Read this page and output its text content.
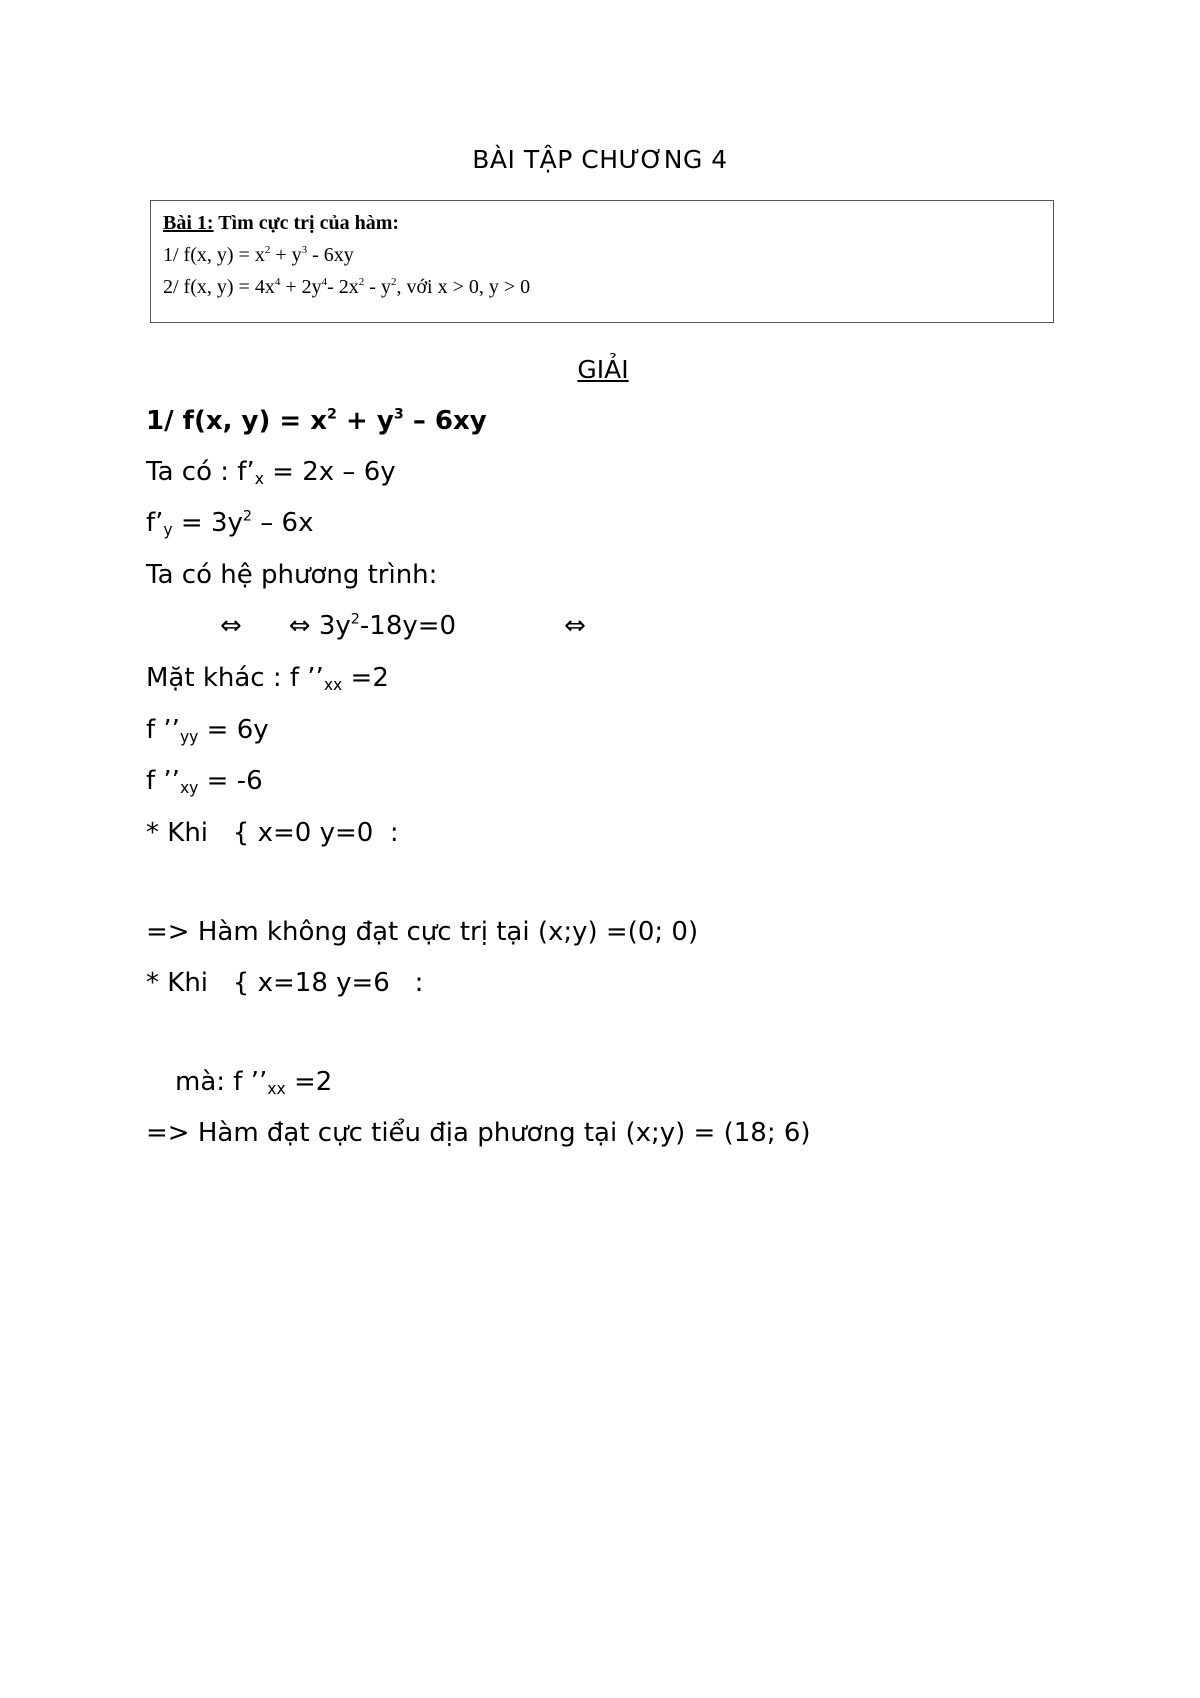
BÀI TẬP CHƯƠNG 4
Bài 1: Tìm cực trị của hàm:
1/ f(x, $y) = x^2 + y^3 - 6xy$
2/ f(x, $y) = 4x^4 + 2y^4-$ $2x^2 - y^2$, với x > 0, y > 0
GIẢI
1/ f(x, $y) = x^2 + y^3 - 6xy$
Ta có : $f’_x = 2x - 6y$
$f’_y = 3y^2 - 6x$
Ta có hệ phương trình:
⇔ ⇔ $3y^2-18y=0$	⇔
Mặt khác : f $’’_{xx} =2$
f $’’_{yy} = 6y$
f $’’_{xy} = -6$
* Khi   { x=0 y=0  :
=> Hàm không đạt cực trị tại (x;y) =(0; 0)
* Khi   { x=18 y=6   :
mà: f $’’_{xx} =2$
=> Hàm đạt cực tiểu địa phương tại (x;y) = (18; 6)
